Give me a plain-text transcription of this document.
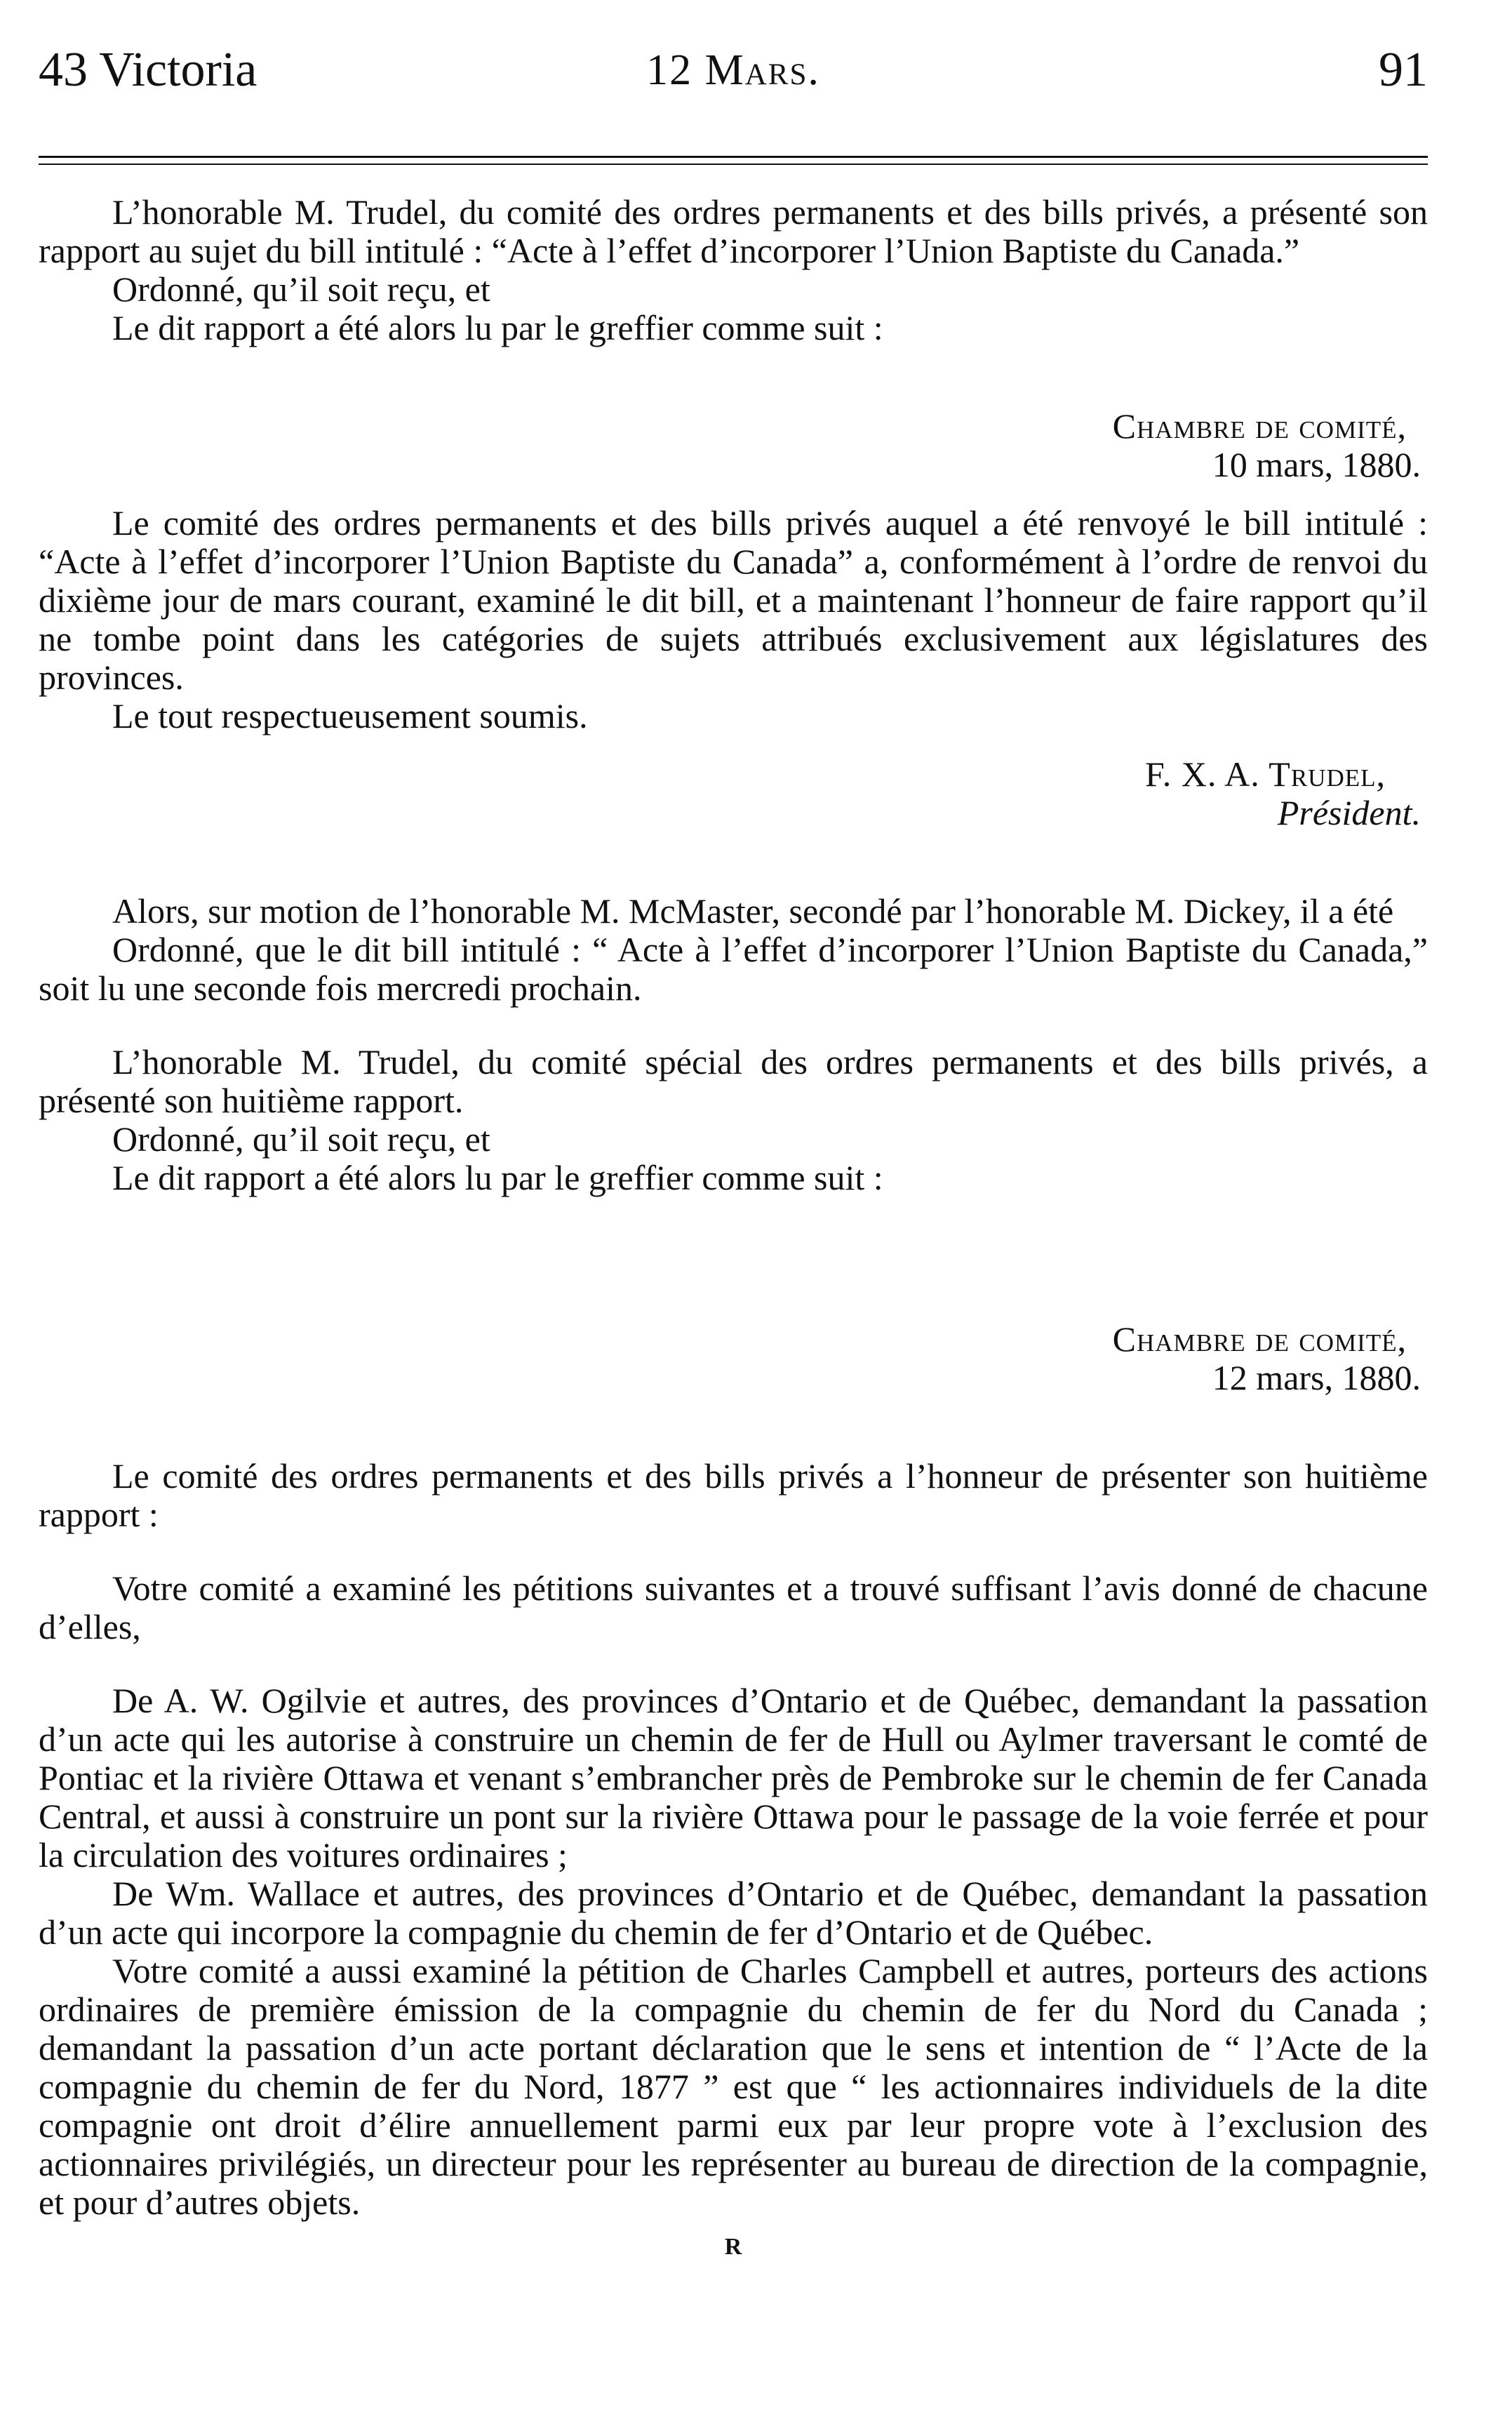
43 Victoria	12 Mars.	91

L’honorable M. Trudel, du comité des ordres permanents et des bills privés, a présenté son rapport au sujet du bill intitulé : “Acte à l’effet d’incorporer l’Union Baptiste du Canada.”

Ordonné, qu’il soit reçu, et

Le dit rapport a été alors lu par le greffier comme suit :

Chambre de comité,

10 mars, 1880.

Le comité des ordres permanents et des bills privés auquel a été renvoyé le bill intitulé : “Acte à l’effet d’incorporer l’Union Baptiste du Canada” a, conformément à l’ordre de renvoi du dixième jour de mars courant, examiné le dit bill, et a maintenant l’honneur de faire rapport qu’il ne tombe point dans les catégories de sujets attribués exclusivement aux législatures des provinces.

Le tout respectueusement soumis.

F. X. A. Trudel,

Président.

Alors, sur motion de l’honorable M. McMaster, secondé par l’honorable M. Dickey, il a été

Ordonné, que le dit bill intitulé : “ Acte à l’effet d’incorporer l’Union Baptiste du Canada,” soit lu une seconde fois mercredi prochain.

L’honorable M. Trudel, du comité spécial des ordres permanents et des bills privés, a présenté son huitième rapport.

Ordonné, qu’il soit reçu, et

Le dit rapport a été alors lu par le greffier comme suit :

Chambre de comité,

12 mars, 1880.

Le comité des ordres permanents et des bills privés a l’honneur de présenter son huitième rapport :

Votre comité a examiné les pétitions suivantes et a trouvé suffisant l’avis donné de chacune d’elles,

De A. W. Ogilvie et autres, des provinces d’Ontario et de Québec, demandant la passation d’un acte qui les autorise à construire un chemin de fer de Hull ou Aylmer traversant le comté de Pontiac et la rivière Ottawa et venant s’embrancher près de Pembroke sur le chemin de fer Canada Central, et aussi à construire un pont sur la rivière Ottawa pour le passage de la voie ferrée et pour la circulation des voitures ordinaires ;

De Wm. Wallace et autres, des provinces d’Ontario et de Québec, demandant la passation d’un acte qui incorpore la compagnie du chemin de fer d’Ontario et de Québec.

Votre comité a aussi examiné la pétition de Charles Campbell et autres, porteurs des actions ordinaires de première émission de la compagnie du chemin de fer du Nord du Canada ; demandant la passation d’un acte portant déclaration que le sens et intention de “ l’Acte de la compagnie du chemin de fer du Nord, 1877 ” est que “ les actionnaires individuels de la dite compagnie ont droit d’élire annuellement parmi eux par leur propre vote à l’exclusion des actionnaires privilégiés, un directeur pour les représenter au bureau de direction de la compagnie, et pour d’autres objets.

R
